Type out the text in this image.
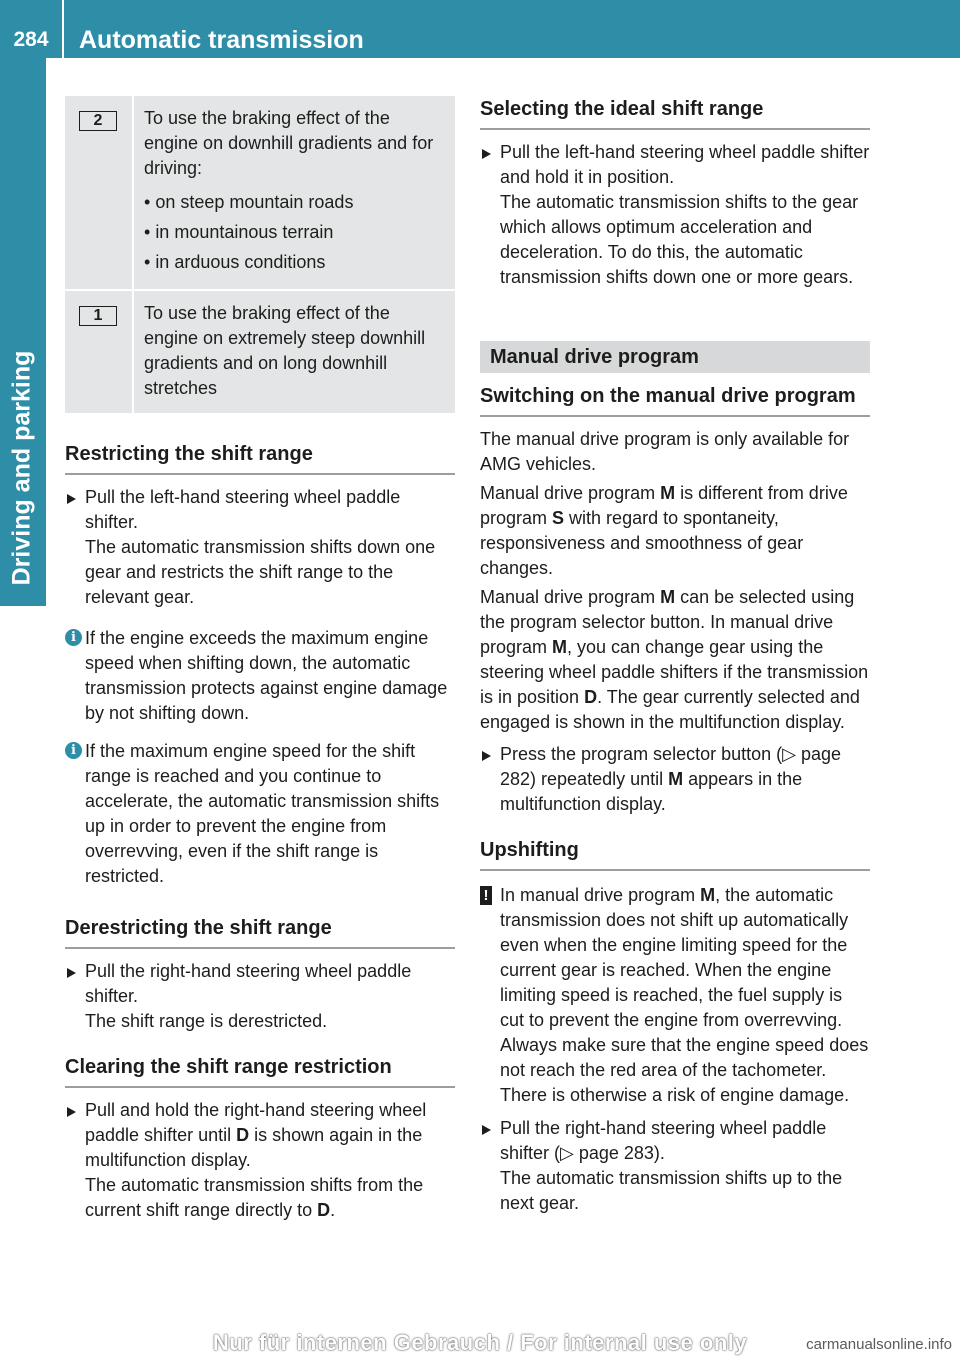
284	Automatic transmission
Driving and parking
2	To use the braking effect of the engine on downhill gradients and for driving:

• on steep mountain roads
• in mountainous terrain
• in arduous conditions
1	To use the braking effect of the engine on extremely steep downhill gradients and on long downhill stretches

Restricting the shift range
Pull the left-hand steering wheel paddle shifter.
The automatic transmission shifts down one gear and restricts the shift range to the relevant gear.
i If the engine exceeds the maximum engine speed when shifting down, the automatic transmission protects against engine damage by not shifting down.
i If the maximum engine speed for the shift range is reached and you continue to accelerate, the automatic transmission shifts up in order to prevent the engine from overrevving, even if the shift range is restricted.
Derestricting the shift range
Pull the right-hand steering wheel paddle shifter.
The shift range is derestricted.
Clearing the shift range restriction
Pull and hold the right-hand steering wheel paddle shifter until D is shown again in the multifunction display.
The automatic transmission shifts from the current shift range directly to D.
Selecting the ideal shift range
Pull the left-hand steering wheel paddle shifter and hold it in position.
The automatic transmission shifts to the gear which allows optimum acceleration and deceleration. To do this, the automatic transmission shifts down one or more gears.
Manual drive program
Switching on the manual drive program

The manual drive program is only available for AMG vehicles.

Manual drive program M is different from drive program S with regard to spontaneity, responsiveness and smoothness of gear changes.

Manual drive program M can be selected using the program selector button. In manual drive program M, you can change gear using the steering wheel paddle shifters if the transmission is in position D. The gear currently selected and engaged is shown in the multifunction display.

Press the program selector button (▷ page 282) repeatedly until M appears in the multifunction display.
Upshifting
! In manual drive program M, the automatic transmission does not shift up automatically even when the engine limiting speed for the current gear is reached. When the engine limiting speed is reached, the fuel supply is cut to prevent the engine from overrevving. Always make sure that the engine speed does not reach the red area of the tachometer. There is otherwise a risk of engine damage.
Pull the right-hand steering wheel paddle shifter (▷ page 283).
The automatic transmission shifts up to the next gear.
Nur für internen Gebrauch / For internal use only	carmanualsonline.info
